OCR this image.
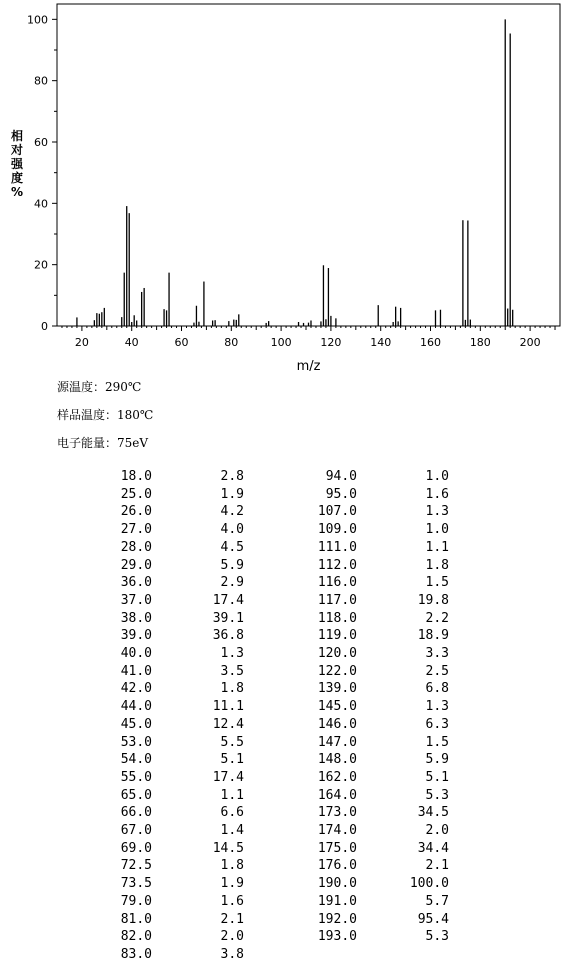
0
20
40
60
80
100
20	40	60	80	100	120	140	160	180	200
m/z
相
对
强
度
%
源温度：290℃
样品温度：180℃
电子能量：75eV
18.0	2.8	94.0	1.0
25.0	1.9	95.0	1.6
26.0	4.2	107.0	1.3
27.0	4.0	109.0	1.0
28.0	4.5	111.0	1.1
29.0	5.9	112.0	1.8
36.0	2.9	116.0	1.5
37.0	17.4	117.0	19.8
38.0	39.1	118.0	2.2
39.0	36.8	119.0	18.9
40.0	1.3	120.0	3.3
41.0	3.5	122.0	2.5
42.0	1.8	139.0	6.8
44.0	11.1	145.0	1.3
45.0	12.4	146.0	6.3
53.0	5.5	147.0	1.5
54.0	5.1	148.0	5.9
55.0	17.4	162.0	5.1
65.0	1.1	164.0	5.3
66.0	6.6	173.0	34.5
67.0	1.4	174.0	2.0
69.0	14.5	175.0	34.4
72.5	1.8	176.0	2.1
73.5	1.9	190.0	100.0
79.0	1.6	191.0	5.7
81.0	2.1	192.0	95.4
82.0	2.0	193.0	5.3
83.0	3.8		
